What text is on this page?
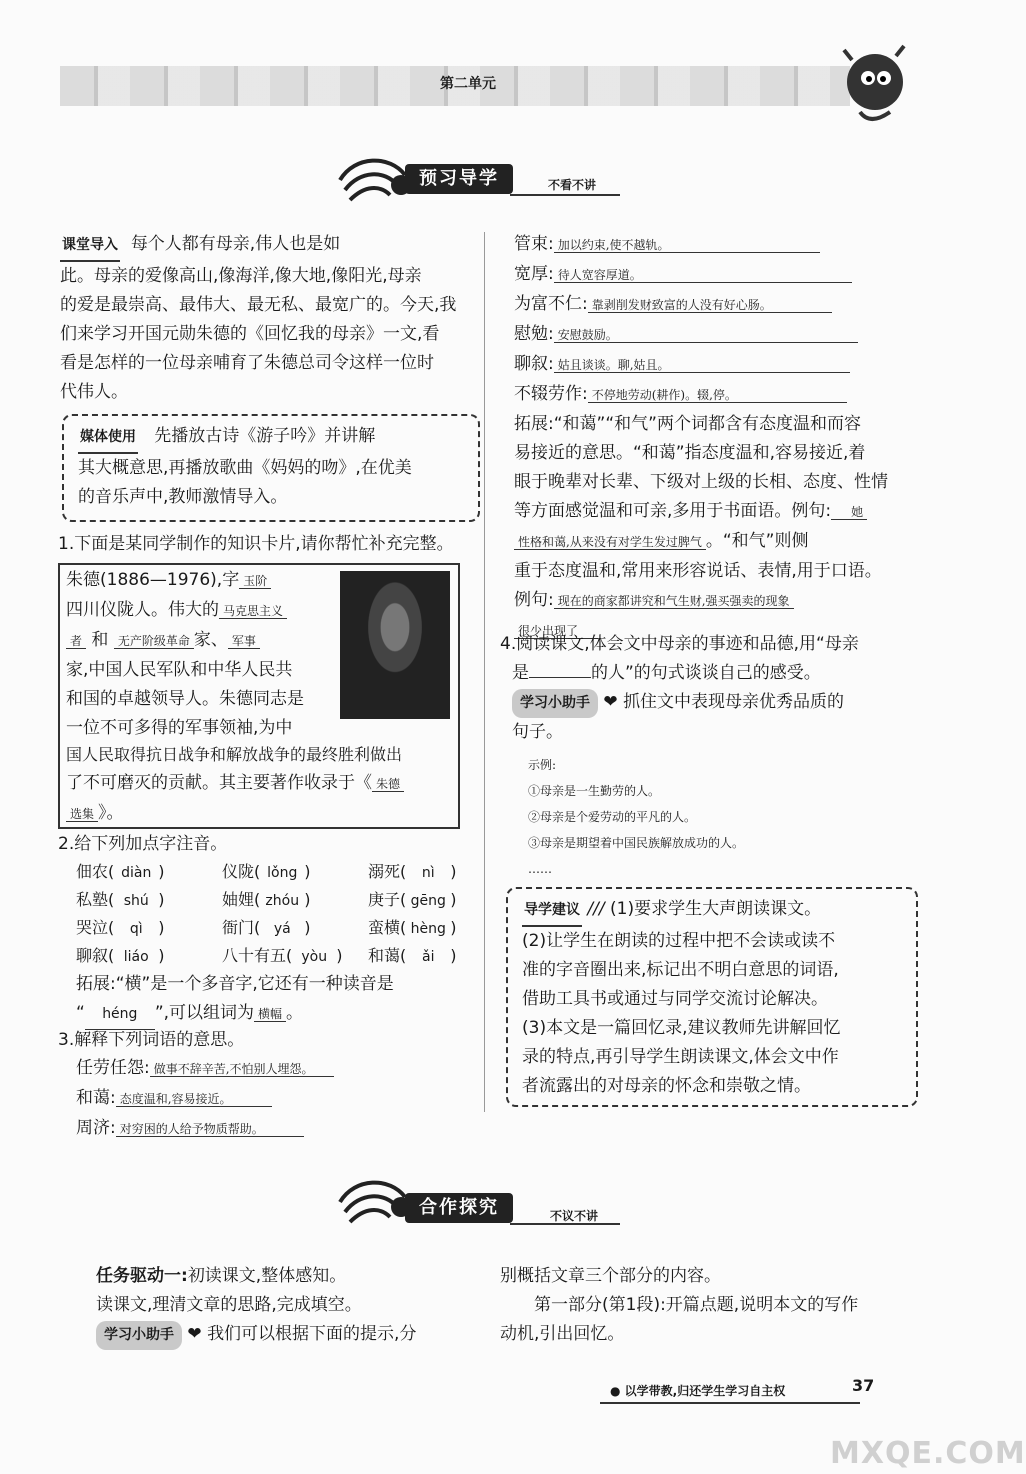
第二单元
预习导学	不看不讲
课堂导入 每个人都有母亲,伟人也是如
此。母亲的爱像高山,像海洋,像大地,像阳光,母亲
的爱是最崇高、最伟大、最无私、最宽广的。今天,我
们来学习开国元勋朱德的《回忆我的母亲》一文,看
看是怎样的一位母亲哺育了朱德总司令这样一位时
代伟人。
媒体使用 先播放古诗《游子吟》并讲解
其大概意思,再播放歌曲《妈妈的吻》,在优美
的音乐声中,教师激情导入。
1.下面是某同学制作的知识卡片,请你帮忙补充完整。
朱德(1886—1976),字 玉阶
四川仪陇人。伟大的 马克思主义
者 和 无产阶级革命 家、 军事
家,中国人民军队和中华人民共
和国的卓越领导人。朱德同志是
一位不可多得的军事领袖,为中
国人民取得抗日战争和解放战争的最终胜利做出
了不可磨灭的贡献。其主要著作收录于《 朱德
选集 》。
2.给下列加点字注音。
佃农( diàn )	仪陇( lǒng )	溺死( nì )
私塾( shú )	妯娌( zhóu )	庚子( gēng )
哭泣( qì )	衙门( yá )	蛮横( hèng )
聊叙( liáo )	八十有五( yòu ) 和蔼( ǎi )
拓展:“横”是一个多音字,它还有一种读音是
“ héng ”,可以组词为 横幅 。
3.解释下列词语的意思。
任劳任怨: 做事不辞辛苦,不怕别人埋怨。
和蔼: 态度温和,容易接近。
周济: 对穷困的人给予物质帮助。
管束: 加以约束,使不越轨。
宽厚: 待人宽容厚道。
为富不仁: 靠剥削发财致富的人没有好心肠。
慰勉: 安慰鼓励。
聊叙: 姑且谈谈。聊,姑且。
不辍劳作: 不停地劳动(耕作)。辍,停。
拓展:“和蔼”“和气”两个词都含有态度温和而容
易接近的意思。“和蔼”指态度温和,容易接近,着
眼于晚辈对长辈、下级对上级的长相、态度、性情
等方面感觉温和可亲,多用于书面语。例句: 她
性格和蔼,从来没有对学生发过脾气 。“和气”则侧
重于态度温和,常用来形容说话、表情,用于口语。
例句: 现在的商家都讲究和气生财,强买强卖的现象
很少出现了
4.阅读课文,体会文中母亲的事迹和品德,用“母亲
是	的人”的句式谈谈自己的感受。
学习小助手 ❤ 抓住文中表现母亲优秀品质的
句子。
示例:
①母亲是一生勤劳的人。
②母亲是个爱劳动的平凡的人。
③母亲是期望着中国民族解放成功的人。
……
导学建议 /// (1)要求学生大声朗读课文。
(2)让学生在朗读的过程中把不会读或读不
准的字音圈出来,标记出不明白意思的词语,
借助工具书或通过与同学交流讨论解决。
(3)本文是一篇回忆录,建议教师先讲解回忆
录的特点,再引导学生朗读课文,体会文中作
者流露出的对母亲的怀念和崇敬之情。
合作探究	不议不讲
任务驱动一:初读课文,整体感知。
读课文,理清文章的思路,完成填空。
学习小助手 ❤ 我们可以根据下面的提示,分
别概括文章三个部分的内容。
第一部分(第1段):开篇点题,说明本文的写作
动机,引出回忆。
● 以学带教,归还学生学习自主权	37
MXQE.COM
